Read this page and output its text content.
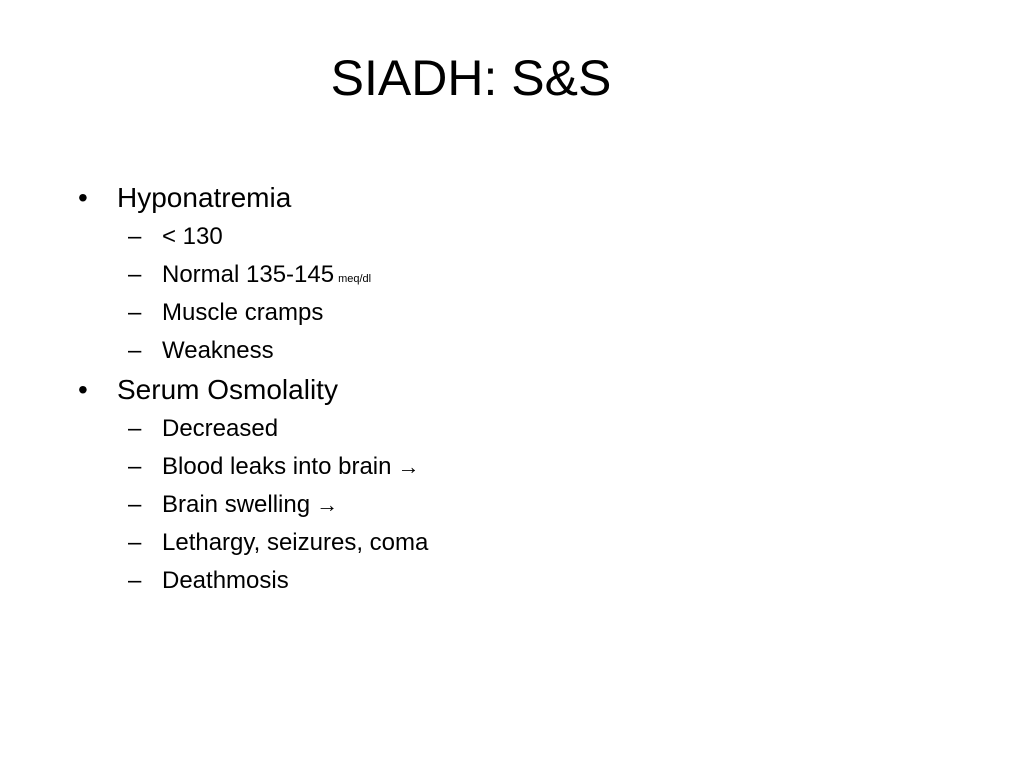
SIADH: S&S
•	Hyponatremia
– < 130
– Normal 135-145 meq/dl
– Muscle cramps
– Weakness
•	Serum Osmolality
– Decreased
– Blood leaks into brain →
– Brain swelling →
– Lethargy, seizures, coma
– Deathmosis
